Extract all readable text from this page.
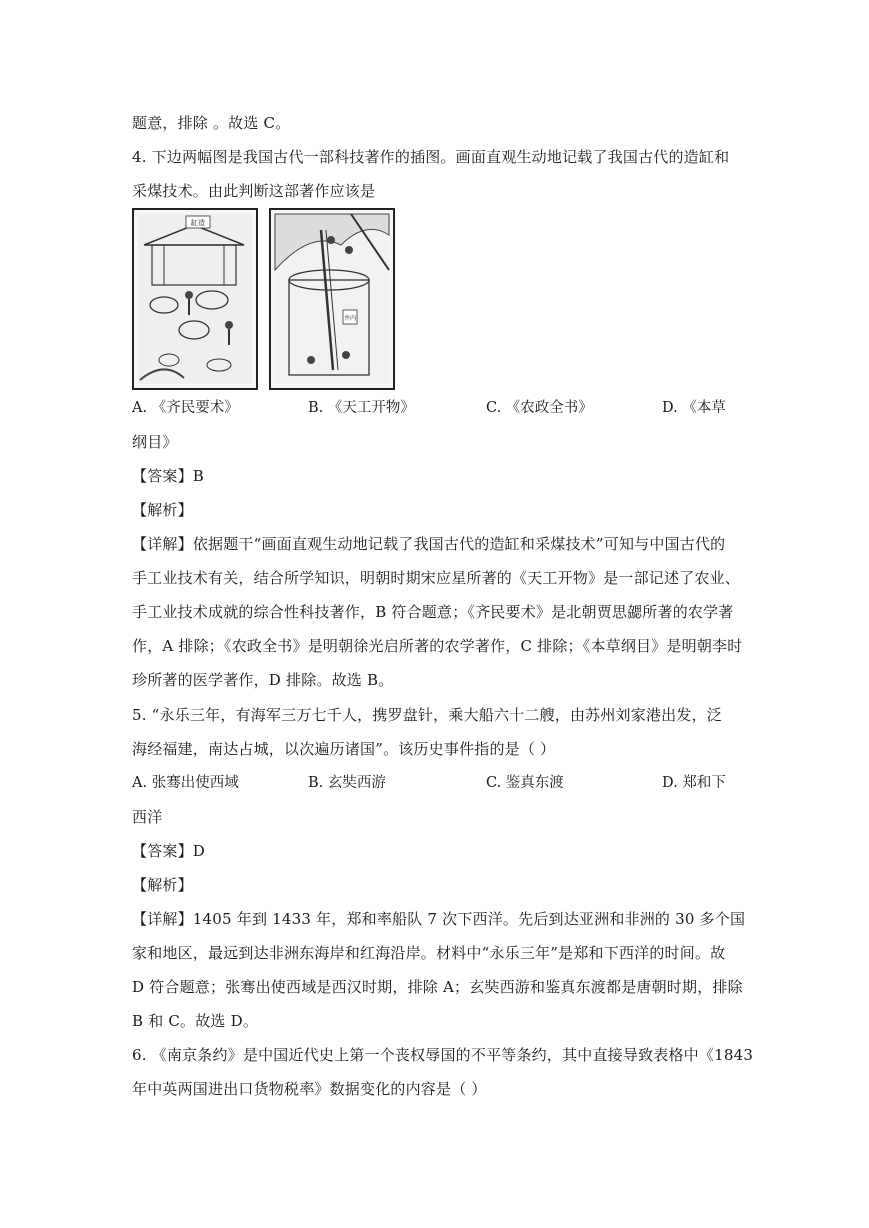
题意，排除 。故选 C。
4. 下边两幅图是我国古代一部科技著作的插图。画面直观生动地记载了我国古代的造缸和
采煤技术。由此判断这部著作应该是
缸造
井内
A. 《齐民要术》	B. 《天工开物》	C. 《农政全书》	D. 《本草
纲目》
【答案】B
【解析】
【详解】依据题干“画面直观生动地记载了我国古代的造缸和采煤技术”可知与中国古代的
手工业技术有关，结合所学知识，明朝时期宋应星所著的《天工开物》是一部记述了农业、
手工业技术成就的综合性科技著作，B 符合题意；《齐民要术》是北朝贾思勰所著的农学著
作，A 排除；《农政全书》是明朝徐光启所著的农学著作，C 排除；《本草纲目》是明朝李时
珍所著的医学著作，D 排除。故选 B。
5. “永乐三年，有海军三万七千人，携罗盘针，乘大船六十二艘，由苏州刘家港出发，泛
海经福建，南达占城，以次遍历诸国”。该历史事件指的是（ ）
A. 张骞出使西域	B. 玄奘西游	C. 鉴真东渡	D. 郑和下
西洋
【答案】D
【解析】
【详解】1405 年到 1433 年，郑和率船队 7 次下西洋。先后到达亚洲和非洲的 30 多个国
家和地区，最远到达非洲东海岸和红海沿岸。材料中“永乐三年”是郑和下西洋的时间。故
D 符合题意；张骞出使西域是西汉时期，排除 A；玄奘西游和鉴真东渡都是唐朝时期，排除
B 和 C。故选 D。
6. 《南京条约》是中国近代史上第一个丧权辱国的不平等条约，其中直接导致表格中《1843
年中英两国进出口货物税率》数据变化的内容是（ ）
